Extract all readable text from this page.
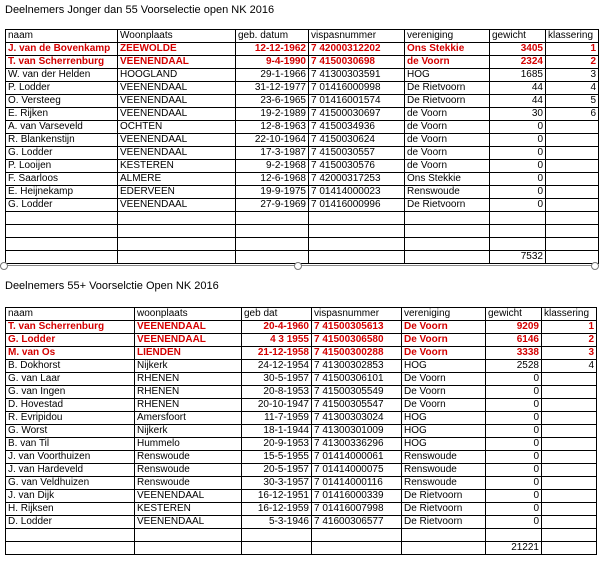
Deelnemers Jonger dan 55 Voorselectie open NK 2016
naam	Woonplaats	geb. datum	vispasnummer	vereniging	gewicht	klassering
J. van de Bovenkamp	ZEEWOLDE	12-12-1962	7 42000312202	Ons Stekkie	3405	1
T. van Scherrenburg	VEENENDAAL	9-4-1990	7 4150030698	de Voorn	2324	2
W. van der Helden	HOOGLAND	29-1-1966	7 41300303591	HOG	1685	3
P. Lodder	VEENENDAAL	31-12-1977	7 01416000998	De Rietvoorn	44	4
O. Versteeg	VEENENDAAL	23-6-1965	7 01416001574	De Rietvoorn	44	5
E. Rijken	VEENENDAAL	19-2-1989	7 41500030697	de Voorn	30	6
A. van Varseveld	OCHTEN	12-8-1963	7 4150034936	de Voorn	0	
R. Blankenstijn	VEENENDAAL	22-10-1964	7 4150030624	de Voorn	0	
G. Lodder	VEENENDAAL	17-3-1987	7 4150030557	de Voorn	0	
P. Looijen	KESTEREN	9-2-1968	7 4150030576	de Voorn	0	
F. Saarloos	ALMERE	12-6-1968	7 42000317253	Ons Stekkie	0	
E. Heijnekamp	EDERVEEN	19-9-1975	7 01414000023	Renswoude	0	
G. Lodder	VEENENDAAL	27-9-1969	7 01416000996	De Rietvoorn	0	

					7532	
Deelnemers 55+ Voorselctie Open NK 2016
naam	woonplaats	geb dat	vispasnummer	vereniging	gewicht	klassering
T. van Scherrenburg	VEENENDAAL	20-4-1960	7 41500305613	De Voorn	9209	1
G. Lodder	VEENENDAAL	4 3 1955	7 41500306580	De Voorn	6146	2
M. van Os	LIENDEN	21-12-1958	7 41500300288	De Voorn	3338	3
B. Dokhorst	Nijkerk	24-12-1954	7 41300302853	HOG	2528	4
G. van Laar	RHENEN	30-5-1957	7 41500306101	De Voorn	0	
G. van Ingen	RHENEN	20-8-1953	7 41500305549	De Voorn	0	
D. Hovestad	RHENEN	20-10-1947	7 41500305547	De Voorn	0	
R. Evripidou	Amersfoort	11-7-1959	7 41300303024	HOG	0	
G. Worst	Nijkerk	18-1-1944	7 41300301009	HOG	0	
B. van Til	Hummelo	20-9-1953	7 41300336296	HOG	0	
J. van Voorthuizen	Renswoude	15-5-1955	7 01414000061	Renswoude	0	
J. van Hardeveld	Renswoude	20-5-1957	7 01414000075	Renswoude	0	
G. van Veldhuizen	Renswoude	30-3-1957	7 01414000116	Renswoude	0	
J. van Dijk	VEENENDAAL	16-12-1951	7 01416000339	De Rietvoorn	0	
H. Rijksen	KESTEREN	16-12-1959	7 01416007998	De Rietvoorn	0	
D. Lodder	VEENENDAAL	5-3-1946	7 41600306577	De Rietvoorn	0	

					21221	
